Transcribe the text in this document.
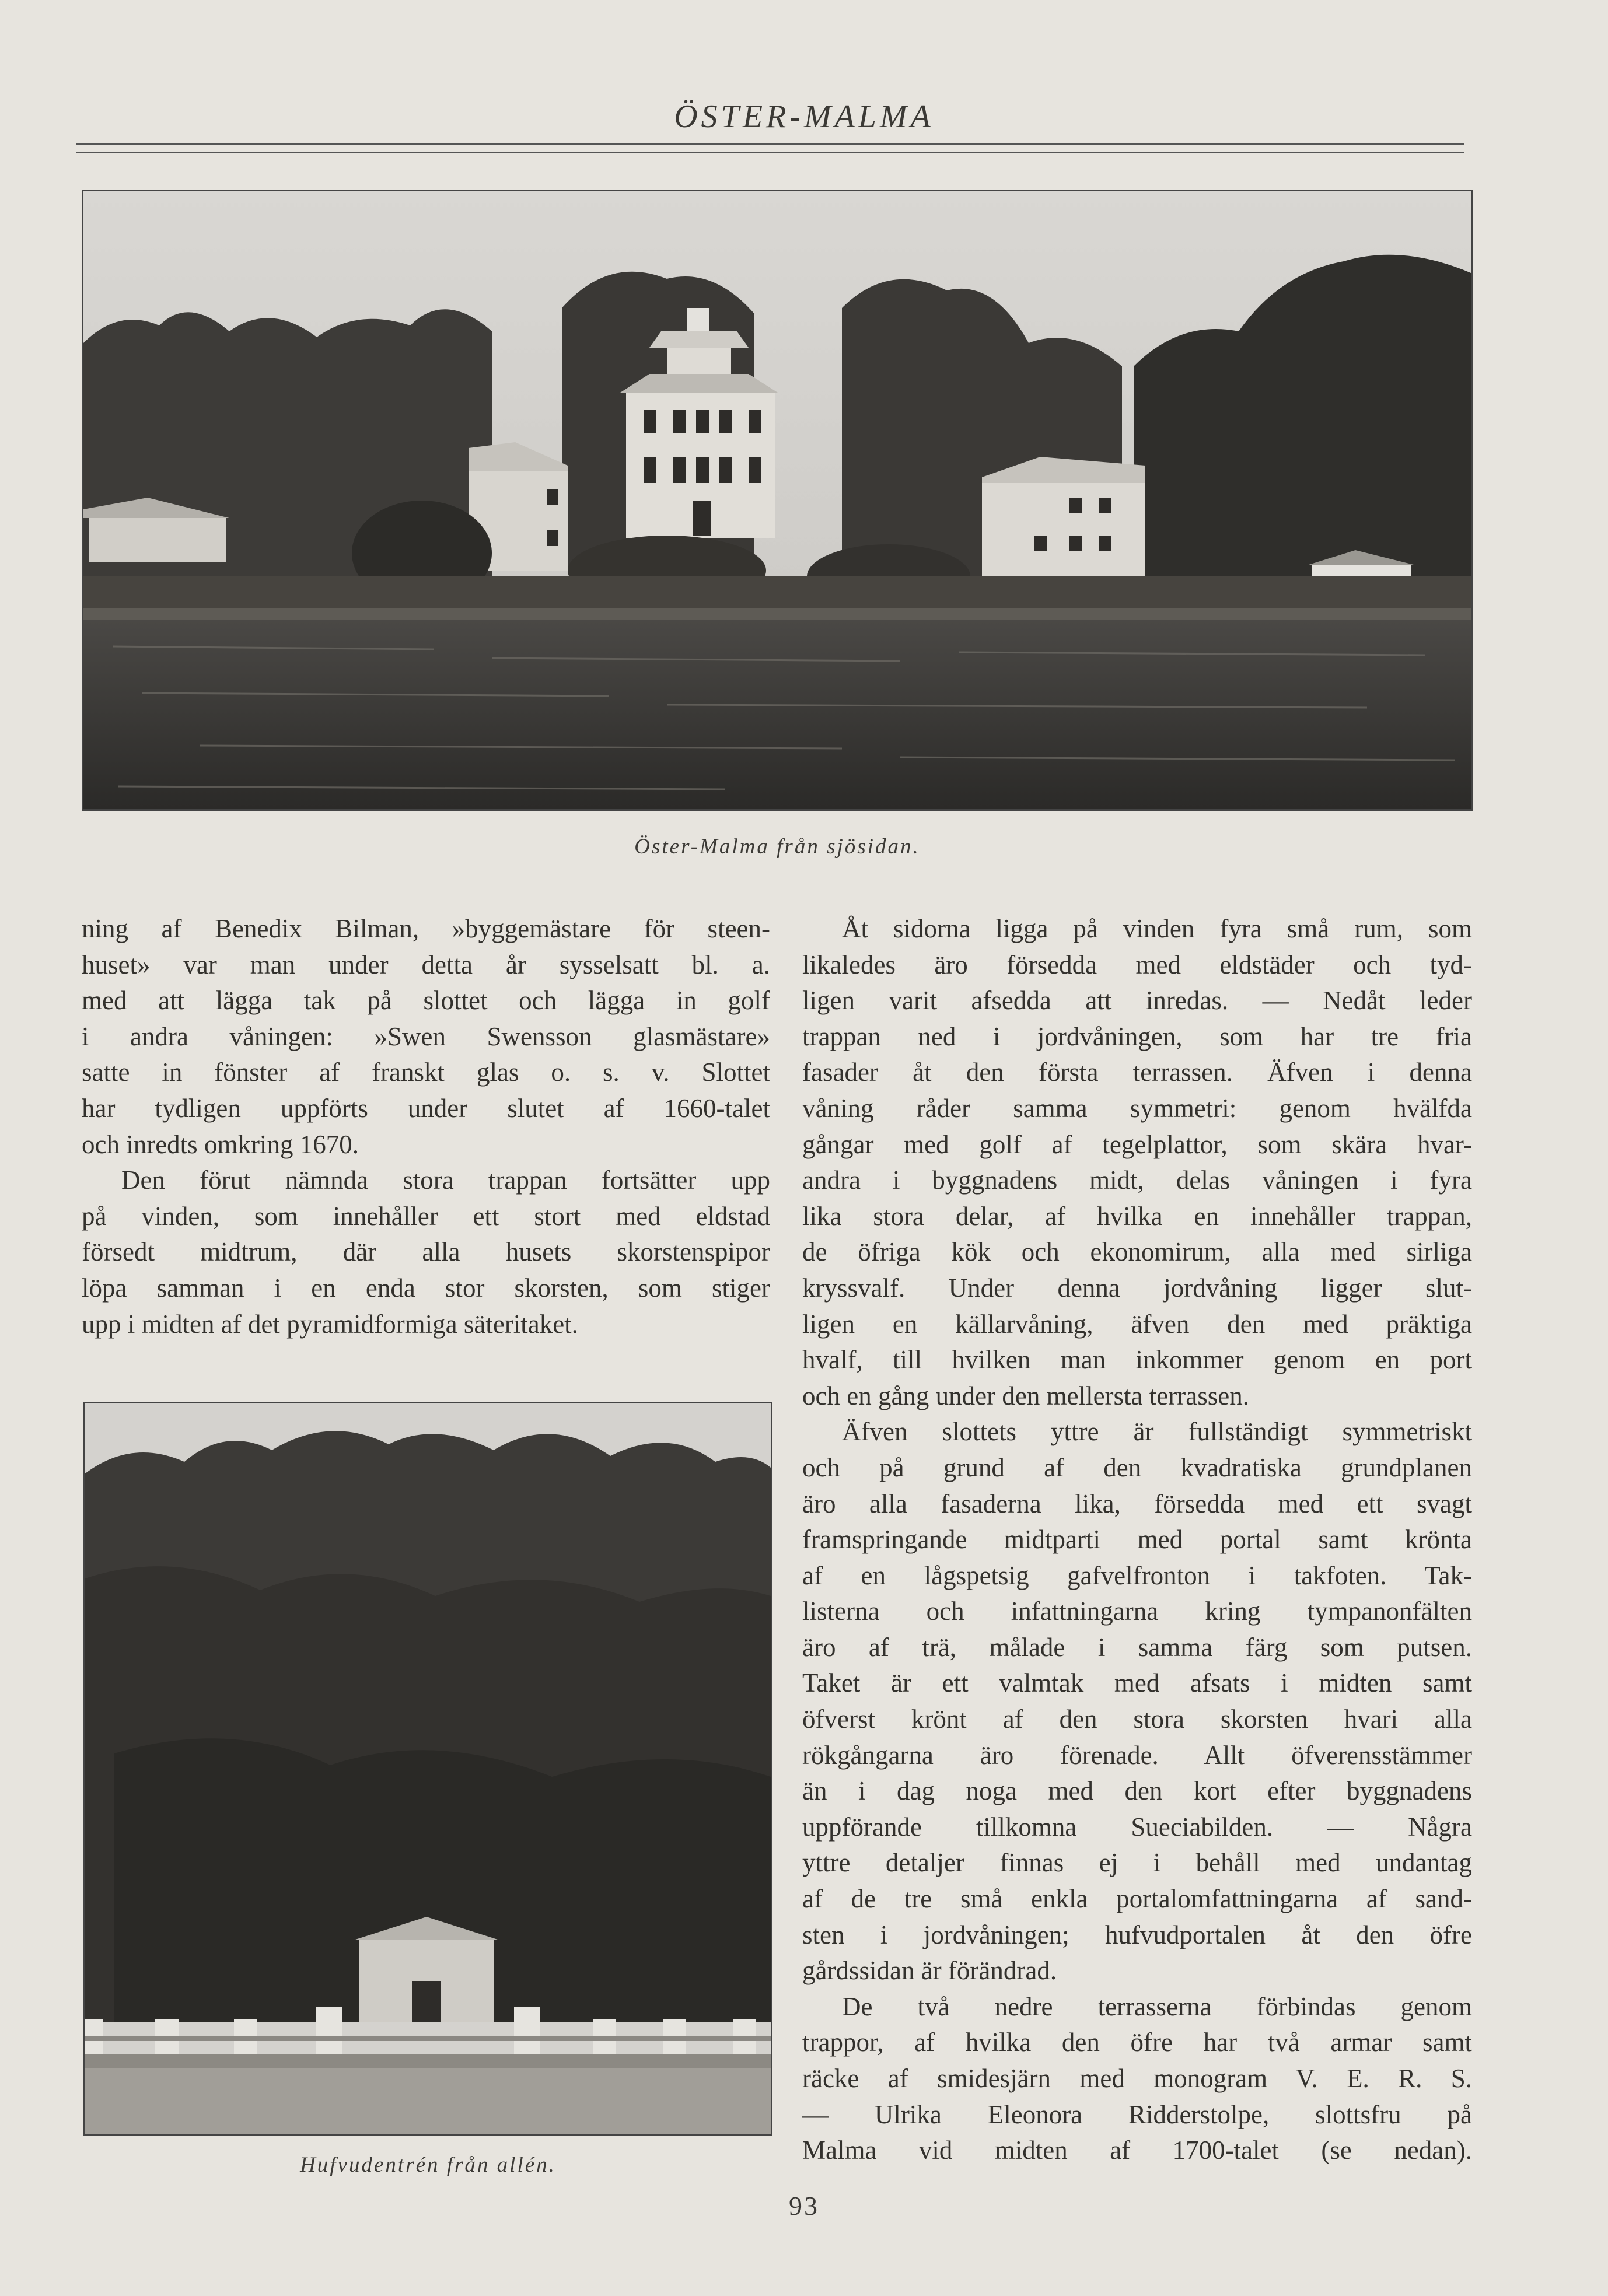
ÖSTER-MALMA
Öster-Malma från sjösidan.
ning af Benedix Bilman, »byggemästare för steen-
huset» var man under detta år sysselsatt bl. a.
med att lägga tak på slottet och lägga in golf
i andra våningen: »Swen Swensson glasmästare»
satte in fönster af franskt glas o. s. v. Slottet
har tydligen uppförts under slutet af 1660-talet
och inredts omkring 1670.
Den förut nämnda stora trappan fortsätter upp
på vinden, som innehåller ett stort med eldstad
försedt midtrum, där alla husets skorstenspipor
löpa samman i en enda stor skorsten, som stiger
upp i midten af det pyramidformiga säteritaket.
Hufvudentrén från allén.
Åt sidorna ligga på vinden fyra små rum, som
likaledes äro försedda med eldstäder och tyd-
ligen varit afsedda att inredas. — Nedåt leder
trappan ned i jordvåningen, som har tre fria
fasader åt den första terrassen. Äfven i denna
våning råder samma symmetri: genom hvälfda
gångar med golf af tegelplattor, som skära hvar-
andra i byggnadens midt, delas våningen i fyra
lika stora delar, af hvilka en innehåller trappan,
de öfriga kök och ekonomirum, alla med sirliga
kryssvalf. Under denna jordvåning ligger slut-
ligen en källarvåning, äfven den med präktiga
hvalf, till hvilken man inkommer genom en port
och en gång under den mellersta terrassen.
Äfven slottets yttre är fullständigt symmetriskt
och på grund af den kvadratiska grundplanen
äro alla fasaderna lika, försedda med ett svagt
framspringande midtparti med portal samt krönta
af en lågspetsig gafvelfronton i takfoten. Tak-
listerna och infattningarna kring tympanonfälten
äro af trä, målade i samma färg som putsen.
Taket är ett valmtak med afsats i midten samt
öfverst krönt af den stora skorsten hvari alla
rökgångarna äro förenade. Allt öfverensstämmer
än i dag noga med den kort efter byggnadens
uppförande tillkomna Sueciabilden. — Några
yttre detaljer finnas ej i behåll med undantag
af de tre små enkla portalomfattningarna af sand-
sten i jordvåningen; hufvudportalen åt den öfre
gårdssidan är förändrad.
De två nedre terrasserna förbindas genom
trappor, af hvilka den öfre har två armar samt
räcke af smidesjärn med monogram V. E. R. S.
— Ulrika Eleonora Ridderstolpe, slottsfru på
Malma vid midten af 1700-talet (se nedan).
93
